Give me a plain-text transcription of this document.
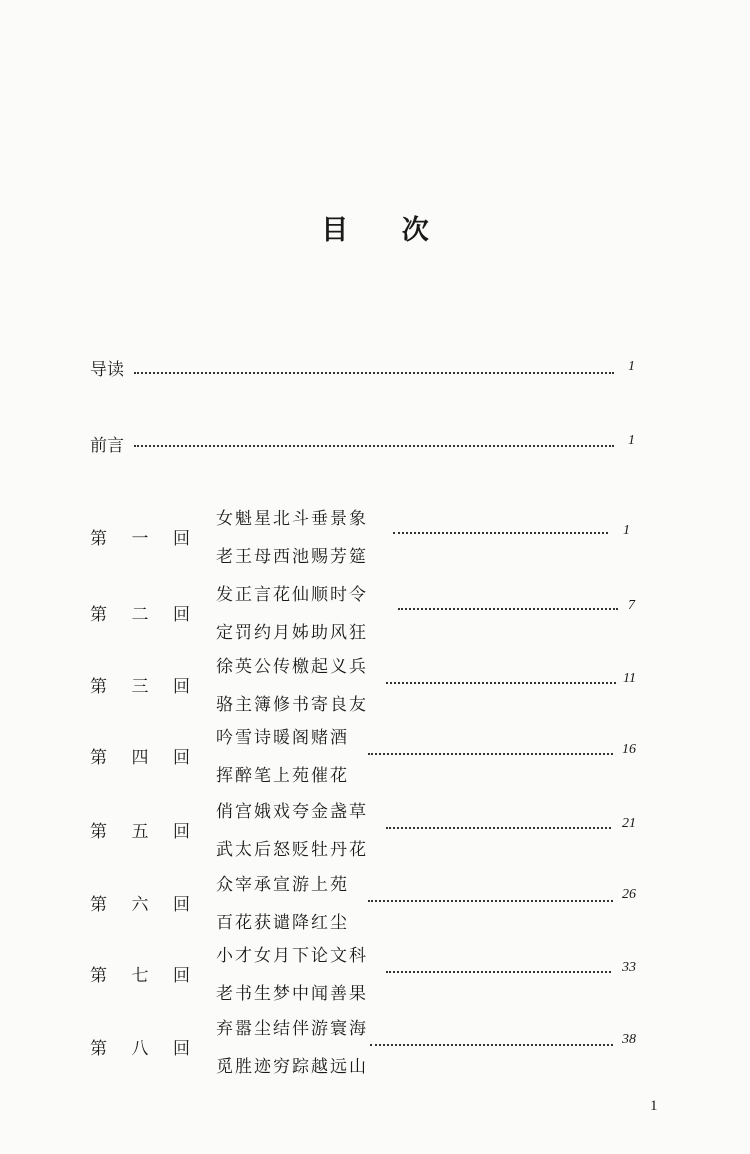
目 次
导读	1
前言	1
第 一 回
女魁星北斗垂景象
老王母西池赐芳筵
1
第 二 回
发正言花仙顺时令
定罚约月姊助风狂
7
第 三 回
徐英公传檄起义兵
骆主簿修书寄良友
11
第 四 回
吟雪诗暖阁赌酒
挥醉笔上苑催花
16
第 五 回
俏宫娥戏夸金盏草
武太后怒贬牡丹花
21
第 六 回
众宰承宣游上苑
百花获谴降红尘
26
第 七 回
小才女月下论文科
老书生梦中闻善果
33
第 八 回
弃嚣尘结伴游寰海
觅胜迹穷踪越远山
38
1
